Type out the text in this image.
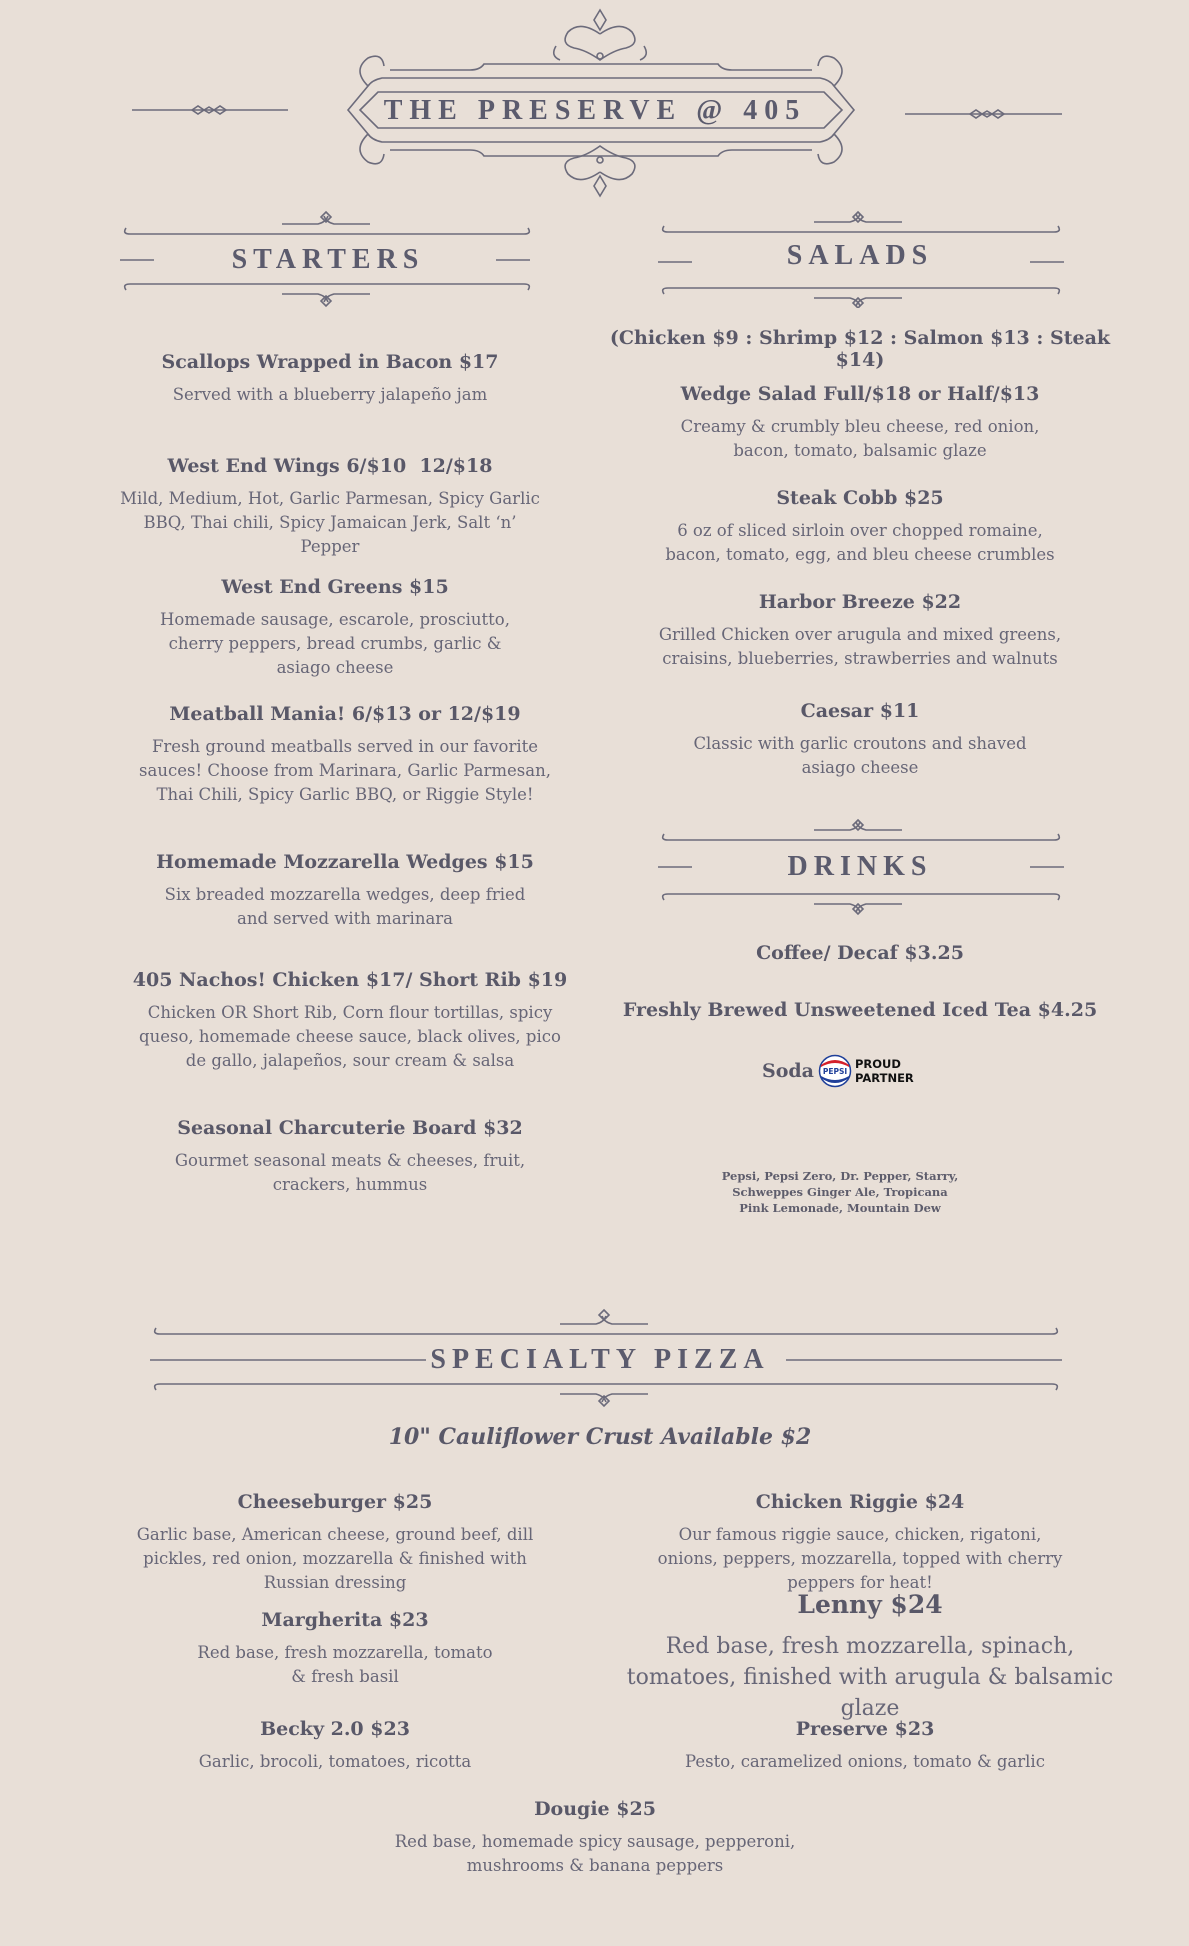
THE PRESERVE @ 405
STARTERS
Scallops Wrapped in Bacon $17
Served with a blueberry jalapeño jam
West End Wings 6/$10  12/$18
Mild, Medium, Hot, Garlic Parmesan, Spicy Garlic BBQ, Thai chili, Spicy Jamaican Jerk, Salt ‘n’ Pepper
West End Greens $15
Homemade sausage, escarole, prosciutto, cherry peppers, bread crumbs, garlic & asiago cheese
Meatball Mania! 6/$13 or 12/$19
Fresh ground meatballs served in our favorite sauces! Choose from Marinara, Garlic Parmesan, Thai Chili, Spicy Garlic BBQ, or Riggie Style!
Homemade Mozzarella Wedges $15
Six breaded mozzarella wedges, deep fried and served with marinara
405 Nachos! Chicken $17/ Short Rib $19
Chicken OR Short Rib, Corn flour tortillas, spicy queso, homemade cheese sauce, black olives, pico de gallo, jalapeños, sour cream & salsa
Seasonal Charcuterie Board $32
Gourmet seasonal meats & cheeses, fruit, crackers, hummus
SALADS
(Chicken $9 : Shrimp $12 : Salmon $13 : Steak $14)
Wedge Salad Full/$18 or Half/$13
Creamy & crumbly bleu cheese, red onion, bacon, tomato, balsamic glaze
Steak Cobb $25
6 oz of sliced sirloin over chopped romaine, bacon, tomato, egg, and bleu cheese crumbles
Harbor Breeze $22
Grilled Chicken over arugula and mixed greens, craisins, blueberries, strawberries and walnuts
Caesar $11
Classic with garlic croutons and shaved asiago cheese
DRINKS
Coffee/ Decaf $3.25
Freshly Brewed Unsweetened Iced Tea $4.25
Soda PEPSI
PROUD
PARTNER
Pepsi, Pepsi Zero, Dr. Pepper, Starry, Schweppes Ginger Ale, Tropicana Pink Lemonade, Mountain Dew
SPECIALTY PIZZA
10" Cauliflower Crust Available $2
Cheeseburger $25
Garlic base, American cheese, ground beef, dill pickles, red onion, mozzarella & finished with Russian dressing
Chicken Riggie $24
Our famous riggie sauce, chicken, rigatoni, onions, peppers, mozzarella, topped with cherry peppers for heat!
Margherita $23
Red base, fresh mozzarella, tomato & fresh basil
Lenny $24
Red base, fresh mozzarella, spinach, tomatoes, finished with arugula & balsamic glaze
Becky 2.0 $23
Garlic, brocoli, tomatoes, ricotta
Preserve $23
Pesto, caramelized onions, tomato & garlic
Dougie $25
Red base, homemade spicy sausage, pepperoni, mushrooms & banana peppers
